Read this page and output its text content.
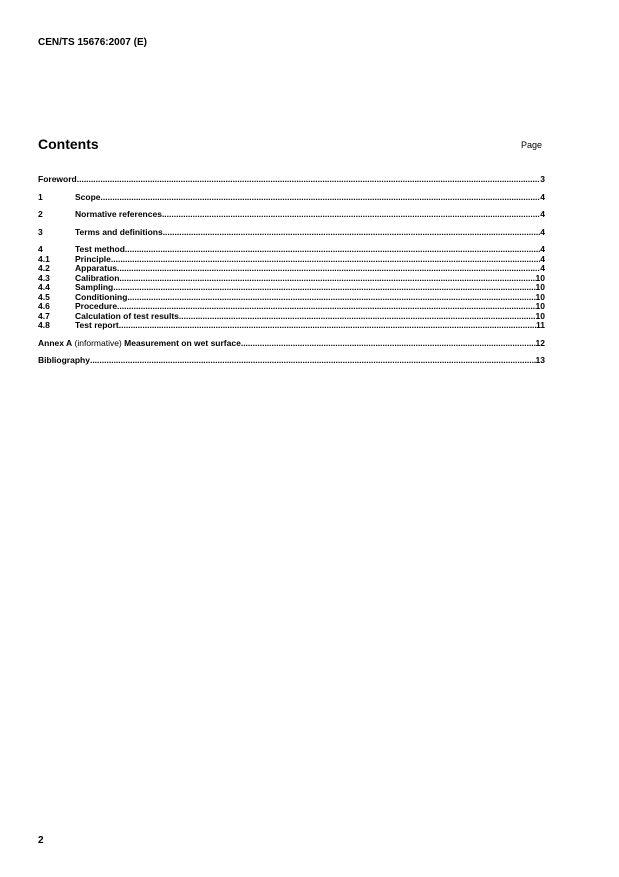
CEN/TS 15676:2007 (E)
Contents	Page
Foreword .....	3
1	Scope .....	4
2	Normative references .....	4
3	Terms and definitions .....	4
4	Test method .....	4
4.1	Principle .....	4
4.2	Apparatus .....	4
4.3	Calibration .....	10
4.4	Sampling .....	10
4.5	Conditioning .....	10
4.6	Procedure .....	10
4.7	Calculation of test results .....	10
4.8	Test report .....	11
Annex A (informative) Measurement on wet surface .....	12
Bibliography .....	13
2
